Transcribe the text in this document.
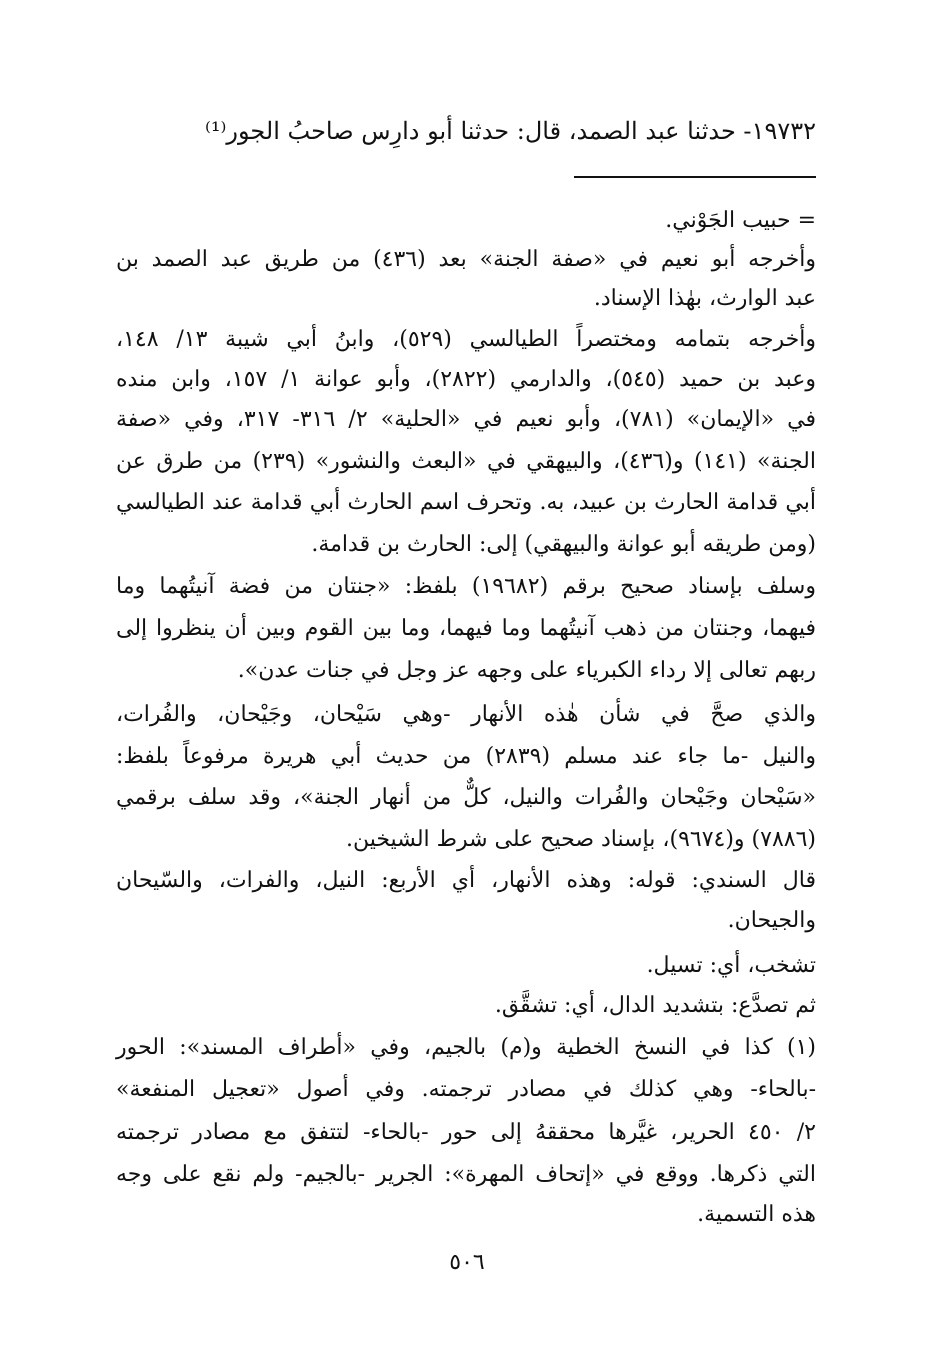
١٩٧٣٢- حدثنا عبد الصمد، قال: حدثنا أبو دارِس صاحبُ الجور⁽¹⁾
= حبيب الجَوْني.
وأخرجه أبو نعيم في «صفة الجنة» بعد (٤٣٦) من طريق عبد الصمد بن
عبد الوارث، بهٰذا الإسناد.
وأخرجه بتمامه ومختصراً الطيالسي (٥٢٩)، وابنُ أبي شيبة ١٣/ ١٤٨،
وعبد بن حميد (٥٤٥)، والدارمي (٢٨٢٢)، وأبو عوانة ١/ ١٥٧، وابن منده
في «الإيمان» (٧٨١)، وأبو نعيم في «الحلية» ٢/ ٣١٦- ٣١٧، وفي «صفة
الجنة» (١٤١) و(٤٣٦)، والبيهقي في «البعث والنشور» (٢٣٩) من طرق عن
أبي قدامة الحارث بن عبيد، به. وتحرف اسم الحارث أبي قدامة عند الطيالسي
(ومن طريقه أبو عوانة والبيهقي) إلى: الحارث بن قدامة.
وسلف بإسناد صحيح برقم (١٩٦٨٢) بلفظ: «جنتان من فضة آنيتُهما وما
فيهما، وجنتان من ذهب آنيتُهما وما فيهما، وما بين القوم وبين أن ينظروا إلى
ربهم تعالى إلا رداء الكبرياء على وجهه عز وجل في جنات عدن».
والذي صحَّ في شأن هٰذه الأنهار -وهي سَيْحان، وجَيْحان، والفُرات،
والنيل -ما جاء عند مسلم (٢٨٣٩) من حديث أبي هريرة مرفوعاً بلفظ:
«سَيْحان وجَيْحان والفُرات والنيل، كلٌّ من أنهار الجنة»، وقد سلف برقمي
(٧٨٨٦) و(٩٦٧٤)، بإسناد صحيح على شرط الشيخين.
قال السندي: قوله: وهذه الأنهار، أي الأربع: النيل، والفرات، والسّيحان
والجيحان.
تشخب، أي: تسيل.
ثم تصدَّع: بتشديد الدال، أي: تشقَّق.
(١) كذا في النسخ الخطية و(م) بالجيم، وفي «أطراف المسند»: الحور
-بالحاء- وهي كذلك في مصادر ترجمته. وفي أصول «تعجيل المنفعة»
٢/ ٤٥٠ الحرير، غيَّرها محققهُ إلى حور -بالحاء- لتتفق مع مصادر ترجمته
التي ذكرها. ووقع في «إتحاف المهرة»: الجرير -بالجيم- ولم نقع على وجه
هذه التسمية.
٥٠٦
